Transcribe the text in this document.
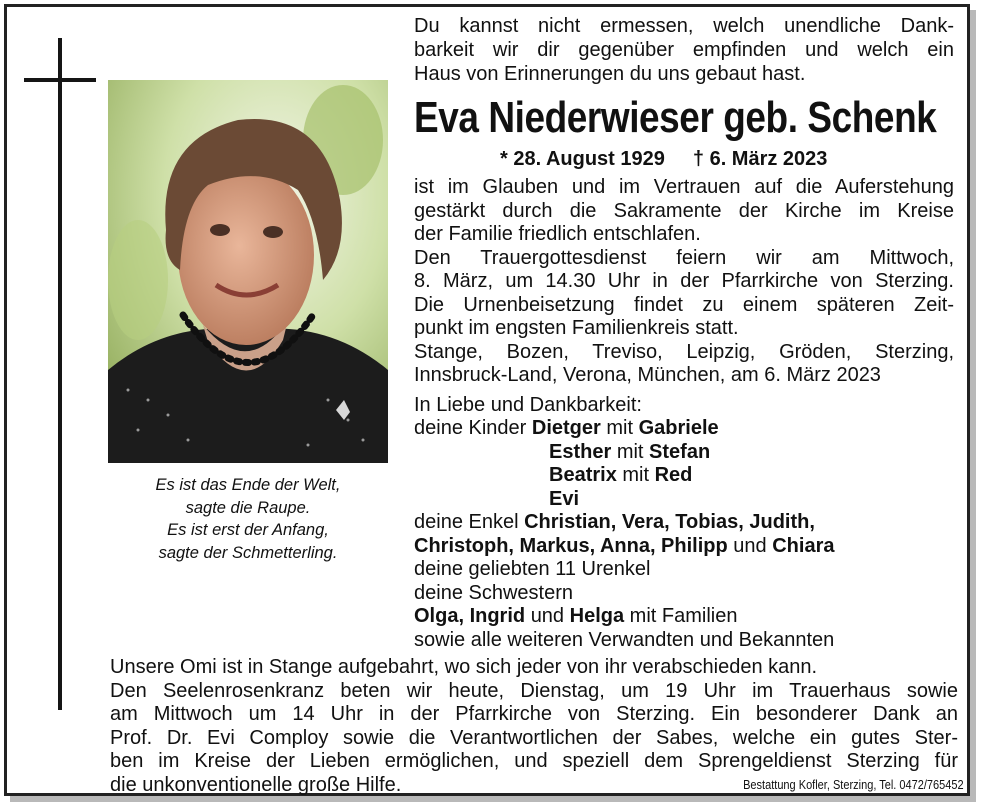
Es ist das Ende der Welt,
sagte die Raupe.
Es ist erst der Anfang,
sagte der Schmetterling.
Du kannst nicht ermessen, welch unendliche Dank-
barkeit wir dir gegenüber empfinden und welch ein
Haus von Erinnerungen du uns gebaut hast.
Eva Niederwieser geb. Schenk
* 28. August 1929 † 6. März 2023
ist im Glauben und im Vertrauen auf die Auferstehung
gestärkt durch die Sakramente der Kirche im Kreise
der Familie friedlich entschlafen.
Den Trauergottesdienst feiern wir am Mittwoch,
8. März, um 14.30 Uhr in der Pfarrkirche von Sterzing.
Die Urnenbeisetzung findet zu einem späteren Zeit-
punkt im engsten Familienkreis statt.
Stange, Bozen, Treviso, Leipzig, Gröden, Sterzing,
Innsbruck-Land, Verona, München, am 6. März 2023
In Liebe und Dankbarkeit:
deine Kinder Dietger mit Gabriele
Esther mit Stefan
Beatrix mit Red
Evi
deine Enkel Christian, Vera, Tobias, Judith,
Christoph, Markus, Anna, Philipp und Chiara
deine geliebten 11 Urenkel
deine Schwestern
Olga, Ingrid und Helga mit Familien
sowie alle weiteren Verwandten und Bekannten
Unsere Omi ist in Stange aufgebahrt, wo sich jeder von ihr verabschieden kann.
Den Seelenrosenkranz beten wir heute, Dienstag, um 19 Uhr im Trauerhaus sowie
am Mittwoch um 14 Uhr in der Pfarrkirche von Sterzing. Ein besonderer Dank an
Prof. Dr. Evi Comploy sowie die Verantwortlichen der Sabes, welche ein gutes Ster-
ben im Kreise der Lieben ermöglichen, und speziell dem Sprengeldienst Sterzing für
die unkonventionelle große Hilfe.	Bestattung Kofler, Sterzing, Tel. 0472/765452
